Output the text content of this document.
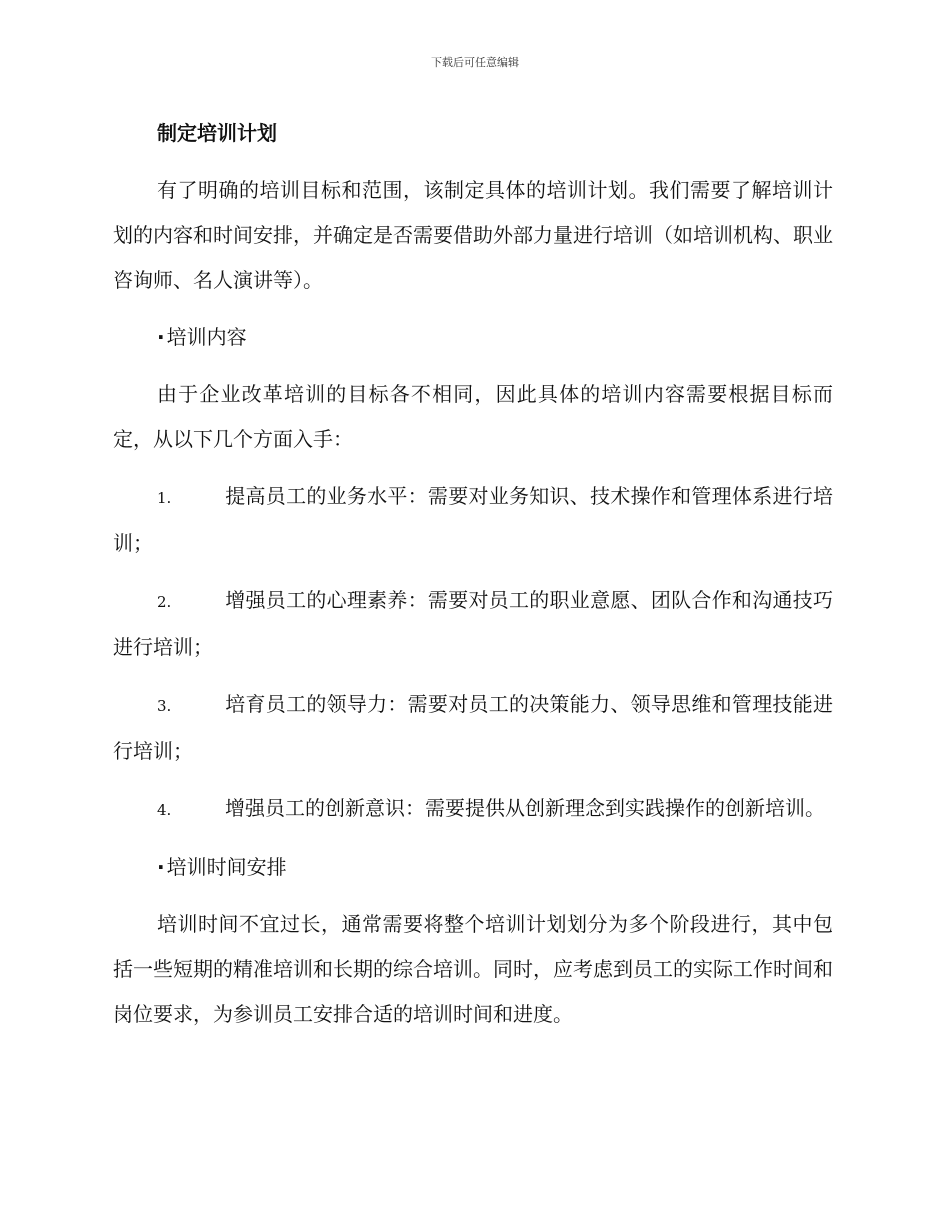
下载后可任意编辑
制定培训计划
有了明确的培训目标和范围，该制定具体的培训计划。我们需要了解培训计划的内容和时间安排，并确定是否需要借助外部力量进行培训（如培训机构、职业咨询师、名人演讲等）。
· 培训内容
由于企业改革培训的目标各不相同，因此具体的培训内容需要根据目标而定，从以下几个方面入手：
1.	提高员工的业务水平：需要对业务知识、技术操作和管理体系进行培训；
2.	增强员工的心理素养：需要对员工的职业意愿、团队合作和沟通技巧进行培训；
3.	培育员工的领导力：需要对员工的决策能力、领导思维和管理技能进行培训；
4.	增强员工的创新意识：需要提供从创新理念到实践操作的创新培训。
· 培训时间安排
培训时间不宜过长，通常需要将整个培训计划划分为多个阶段进行，其中包括一些短期的精准培训和长期的综合培训。同时，应考虑到员工的实际工作时间和岗位要求，为参训员工安排合适的培训时间和进度。
